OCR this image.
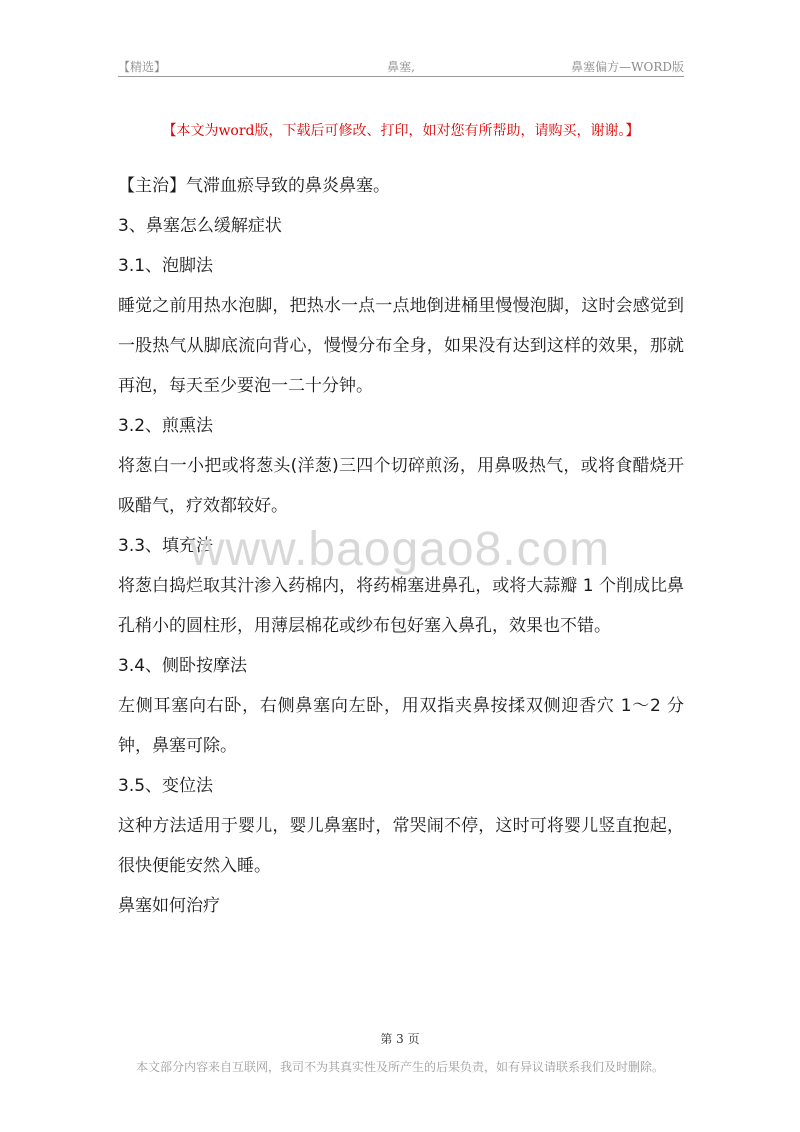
【精选】	鼻塞,	鼻塞偏方—WORD版
【本文为word版，下载后可修改、打印，如对您有所帮助，请购买，谢谢。】

【主治】气滞血瘀导致的鼻炎鼻塞。

3、鼻塞怎么缓解症状

3.1、泡脚法

睡觉之前用热水泡脚，把热水一点一点地倒进桶里慢慢泡脚，这时会感觉到一股热气从脚底流向背心，慢慢分布全身，如果没有达到这样的效果，那就再泡，每天至少要泡一二十分钟。

3.2、煎熏法

将葱白一小把或将葱头(洋葱)三四个切碎煎汤，用鼻吸热气，或将食醋烧开吸醋气，疗效都较好。

3.3、填充法

将葱白捣烂取其汁渗入药棉内，将药棉塞进鼻孔，或将大蒜瓣 1 个削成比鼻孔稍小的圆柱形，用薄层棉花或纱布包好塞入鼻孔，效果也不错。

3.4、侧卧按摩法

左侧耳塞向右卧，右侧鼻塞向左卧，用双指夹鼻按揉双侧迎香穴 1～2 分钟，鼻塞可除。

3.5、变位法

这种方法适用于婴儿，婴儿鼻塞时，常哭闹不停，这时可将婴儿竖直抱起，很快便能安然入睡。

鼻塞如何治疗

www.baogao8.com
第 3 页
本文部分内容来自互联网，我司不为其真实性及所产生的后果负责，如有异议请联系我们及时删除。
